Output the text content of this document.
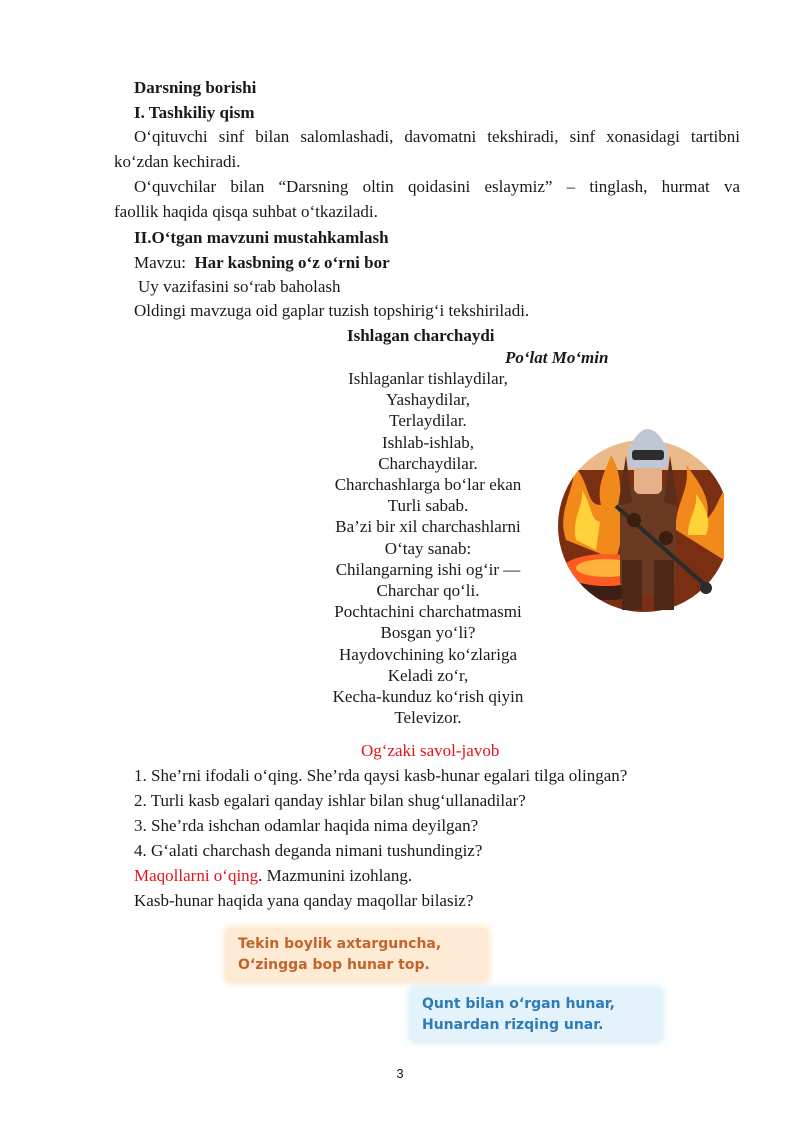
Darsning borishi
I. Tashkiliy qism
O‘qituvchi sinf bilan salomlashadi, davomatni tekshiradi, sinf xonasidagi tartibni
ko‘zdan kechiradi.
O‘quvchilar bilan “Darsning oltin qoidasini eslaymiz” – tinglash, hurmat va
faollik haqida qisqa suhbat o‘tkaziladi.
II.O‘tgan mavzuni mustahkamlash
Mavzu: Har kasbning o‘z o‘rni bor
Uy vazifasini so‘rab baholash
Oldingi mavzuga oid gaplar tuzish topshirig‘i tekshiriladi.
Ishlagan charchaydi
Po‘lat Mo‘min
Ishlaganlar tishlaydilar,
Yashaydilar,
Terlaydilar.
Ishlab-ishlab,
Charchaydilar.
Charchashlarga bo‘lar ekan
Turli sabab.
Ba’zi bir xil charchashlarni
O‘tay sanab:
Chilangarning ishi og‘ir —
Charchar qo‘li.
Pochtachini charchatmasmi
Bosgan yo‘li?
Haydovchining ko‘zlariga
Keladi zo‘r,
Kecha-kunduz ko‘rish qiyin
Televizor.
Og‘zaki savol-javob
1. She’rni ifodali o‘qing. She’rda qaysi kasb-hunar egalari tilga olingan?
2. Turli kasb egalari qanday ishlar bilan shug‘ullanadilar?
3. She’rda ishchan odamlar haqida nima deyilgan?
4. G‘alati charchash deganda nimani tushundingiz?
Maqollarni o‘qing. Mazmunini izohlang.
Kasb-hunar haqida yana qanday maqollar bilasiz?
Tekin boylik axtarguncha,
O‘zingga bop hunar top.
Qunt bilan o‘rgan hunar,
Hunardan rizqing unar.
3
